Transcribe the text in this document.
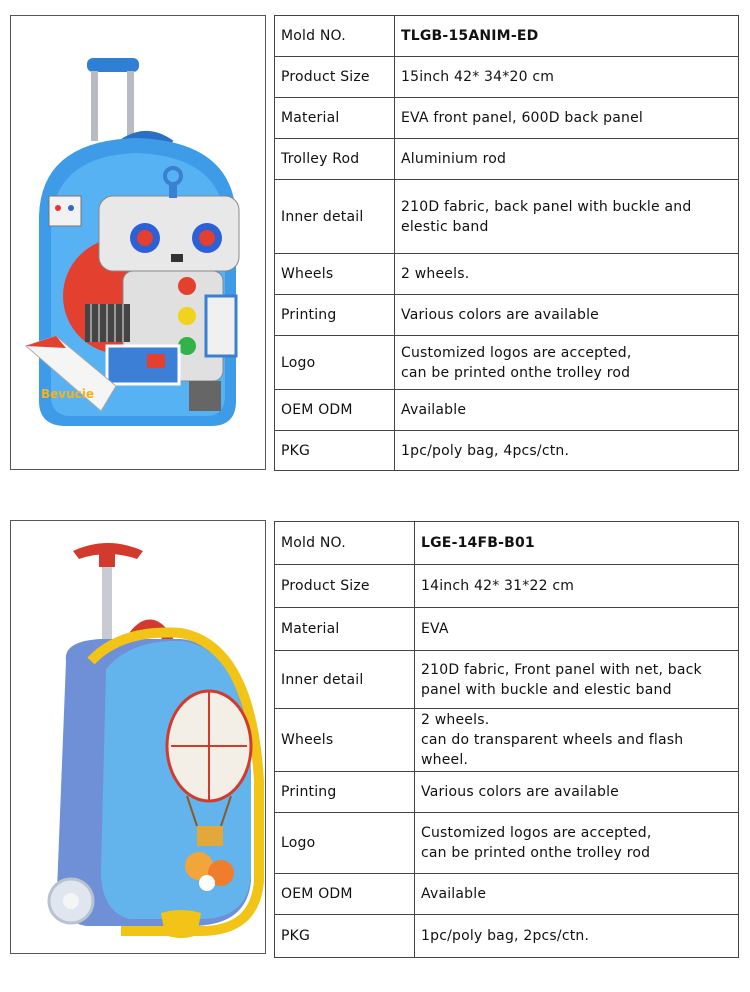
Bevucie
Mold NO.	TLGB-15ANIM-ED
Product Size	15inch 42* 34*20 cm
Material	EVA front panel, 600D back panel
Trolley Rod	Aluminium rod
Inner detail	210D fabric, back panel with buckle and elestic band
Wheels	2 wheels.
Printing	Various colors are available
Logo	Customized logos are accepted,
can be printed onthe trolley rod
OEM ODM	Available
PKG	1pc/poly bag, 4pcs/ctn.
Mold NO.	LGE-14FB-B01
Product Size	14inch 42* 31*22 cm
Material	EVA
Inner detail	210D fabric, Front panel with net, back panel with buckle and elestic band
Wheels	2 wheels.
can do transparent wheels and flash wheel.
Printing	Various colors are available
Logo	Customized logos are accepted,
can be printed onthe trolley rod
OEM ODM	Available
PKG	1pc/poly bag, 2pcs/ctn.
